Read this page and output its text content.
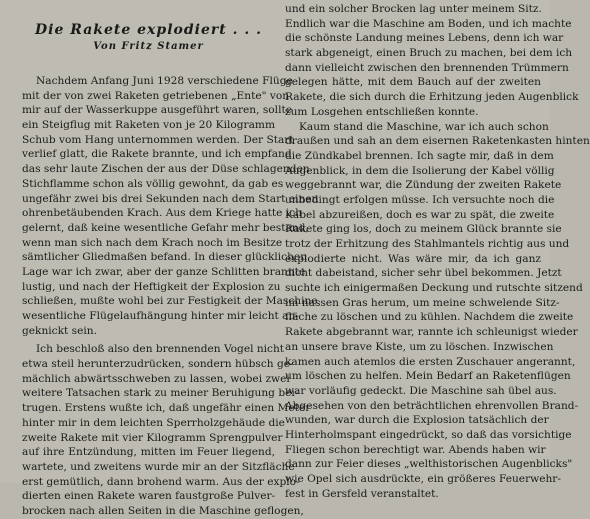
Die Rakete explodiert . . .
Von Fritz Stamer
Nachdem Anfang Juni 1928 verschiedene Flüge
mit der von zwei Raketen getriebenen „Ente" von
mir auf der Wasserkuppe ausgeführt waren, sollte
ein Steigflug mit Raketen von je 20 Kilogramm
Schub vom Hang unternommen werden. Der Start
verlief glatt, die Rakete brannte, und ich empfand
das sehr laute Zischen der aus der Düse schlagenden
Stichflamme schon als völlig gewohnt, da gab es
ungefähr zwei bis drei Sekunden nach dem Start einen
ohrenbetäubenden Krach. Aus dem Kriege hatte ich
gelernt, daß keine wesentliche Gefahr mehr bestand,
wenn man sich nach dem Krach noch im Besitze
sämtlicher Gliedmaßen befand. In dieser glücklichen
Lage war ich zwar, aber der ganze Schlitten brannte
lustig, und nach der Heftigkeit der Explosion zu
schließen, mußte wohl bei zur Festigkeit der Maschine
wesentliche Flügelaufhängung hinter mir leicht an-
geknickt sein.
Ich beschloß also den brennenden Vogel nicht
etwa steil herunterzudrücken, sondern hübsch ge-
mächlich abwärtsschweben zu lassen, wobei zwei
weitere Tatsachen stark zu meiner Beruhigung bei-
trugen. Erstens wußte ich, daß ungefähr einen Meter
hinter mir in dem leichten Sperrholzgehäude die
zweite Rakete mit vier Kilogramm Sprengpulver
auf ihre Entzündung, mitten im Feuer liegend,
wartete, und zweitens wurde mir an der Sitzfläche
erst gemütlich, dann brohend warm. Aus der explo-
dierten einen Rakete waren faustgroße Pulver-
brocken nach allen Seiten in die Maschine geflogen,
und ein solcher Brocken lag unter meinem Sitz.
Endlich war die Maschine am Boden, und ich machte
die schönste Landung meines Lebens, denn ich war
stark abgeneigt, einen Bruch zu machen, bei dem ich
dann vielleicht zwischen den brennenden Trümmern
gelegen hätte, mit dem Bauch auf der zweiten
Rakete, die sich durch die Erhitzung jeden Augenblick
zum Losgehen entschließen konnte.
Kaum stand die Maschine, war ich auch schon
draußen und sah an dem eisernen Raketenkasten hinten
die Zündkabel brennen. Ich sagte mir, daß in dem
Augenblick, in dem die Isolierung der Kabel völlig
weggebrannt war, die Zündung der zweiten Rakete
unbedingt erfolgen müsse. Ich versuchte noch die
Kabel abzureißen, doch es war zu spät, die zweite
Rakete ging los, doch zu meinem Glück brannte sie
trotz der Erhitzung des Stahlmantels richtig aus und
explodierte nicht. Was wäre mir, da ich ganz
dicht dabeistand, sicher sehr übel bekommen. Jetzt
suchte ich einigermaßen Deckung und rutschte sitzend
im nassen Gras herum, um meine schwelende Sitz-
fläche zu löschen und zu kühlen. Nachdem die zweite
Rakete abgebrannt war, rannte ich schleunigst wieder
an unsere brave Kiste, um zu löschen. Inzwischen
kamen auch atemlos die ersten Zuschauer angerannt,
um löschen zu helfen. Mein Bedarf an Raketenflügen
war vorläufig gedeckt. Die Maschine sah übel aus.
Abgesehen von den beträchtlichen ehrenvollen Brand-
wunden, war durch die Explosion tatsächlich der
Hinterholmspant eingedrückt, so daß das vorsichtige
Fliegen schon berechtigt war. Abends haben wir
dann zur Feier dieses „welthistorischen Augenblicks"
wie Opel sich ausdrückte, ein größeres Feuerwehr-
fest in Gersfeld veranstaltet.
